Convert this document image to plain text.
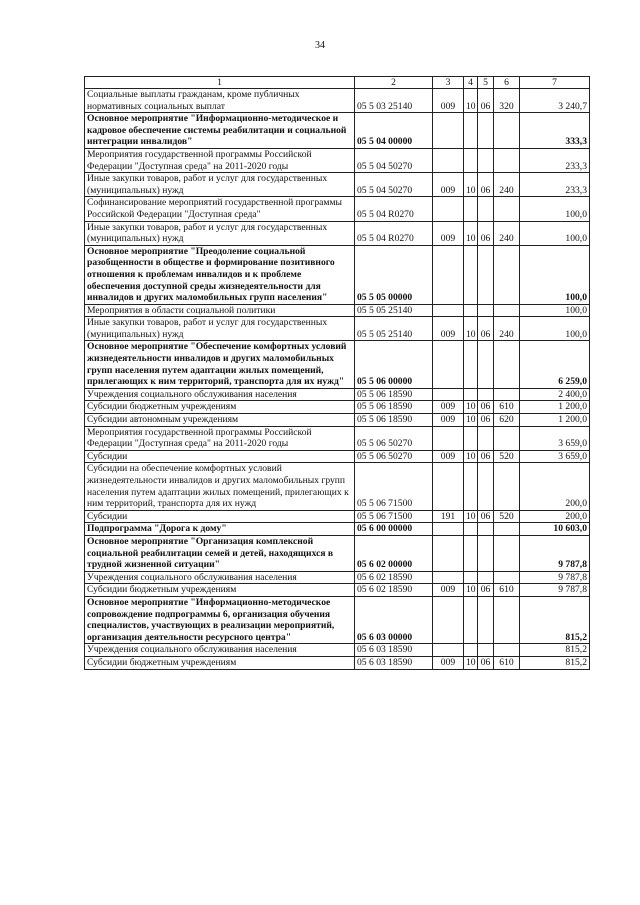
34
1	2	3	4	5	6	7
Социальные выплаты гражданам, кроме публичных нормативных социальных выплат	05 5 03 25140	009	10	06	320	3 240,7
Основное мероприятие "Информационно-методическое и кадровое обеспечение системы реабилитации и социальной интеграции инвалидов"	05 5 04 00000					333,3
Мероприятия государственной программы Российской Федерации "Доступная среда" на 2011-2020 годы	05 5 04 50270					233,3
Иные закупки товаров, работ и услуг для государственных (муниципальных) нужд	05 5 04 50270	009	10	06	240	233,3
Софинансирование мероприятий государственной программы Российской Федерации "Доступная среда"	05 5 04 R0270					100,0
Иные закупки товаров, работ и услуг для государственных (муниципальных) нужд	05 5 04 R0270	009	10	06	240	100,0
Основное мероприятие "Преодоление социальной разобщенности в обществе и формирование позитивного отношения к проблемам инвалидов и к проблеме обеспечения доступной среды жизнедеятельности для инвалидов и других маломобильных групп населения"	05 5 05 00000					100,0
Мероприятия в области социальной политики	05 5 05 25140					100,0
Иные закупки товаров, работ и услуг для государственных (муниципальных) нужд	05 5 05 25140	009	10	06	240	100,0
Основное мероприятие "Обеспечение комфортных условий жизнедеятельности инвалидов и других маломобильных групп населения путем адаптации жилых помещений, прилегающих к ним территорий, транспорта для их нужд"	05 5 06 00000					6 259,0
Учреждения социального обслуживания населения	05 5 06 18590					2 400,0
Субсидии бюджетным учреждениям	05 5 06 18590	009	10	06	610	1 200,0
Субсидии автономным учреждениям	05 5 06 18590	009	10	06	620	1 200,0
Мероприятия государственной программы Российской Федерации "Доступная среда" на 2011-2020 годы	05 5 06 50270					3 659,0
Субсидии	05 5 06 50270	009	10	06	520	3 659,0
Субсидии на обеспечение комфортных условий жизнедеятельности инвалидов и других маломобильных групп населения путем адаптации жилых помещений, прилегающих к ним территорий, транспорта для их нужд	05 5 06 71500					200,0
Субсидии	05 5 06 71500	191	10	06	520	200,0
Подпрограмма "Дорога к дому"	05 6 00 00000					10 603,0
Основное мероприятие "Организация комплексной социальной реабилитации семей и детей, находящихся в трудной жизненной ситуации"	05 6 02 00000					9 787,8
Учреждения социального обслуживания населения	05 6 02 18590					9 787,8
Субсидии бюджетным учреждениям	05 6 02 18590	009	10	06	610	9 787,8
Основное мероприятие "Информационно-методическое сопровождение подпрограммы 6, организация обучения специалистов, участвующих в реализации мероприятий, организация деятельности ресурсного центра"	05 6 03 00000					815,2
Учреждения социального обслуживания населения	05 6 03 18590					815,2
Субсидии бюджетным учреждениям	05 6 03 18590	009	10	06	610	815,2
